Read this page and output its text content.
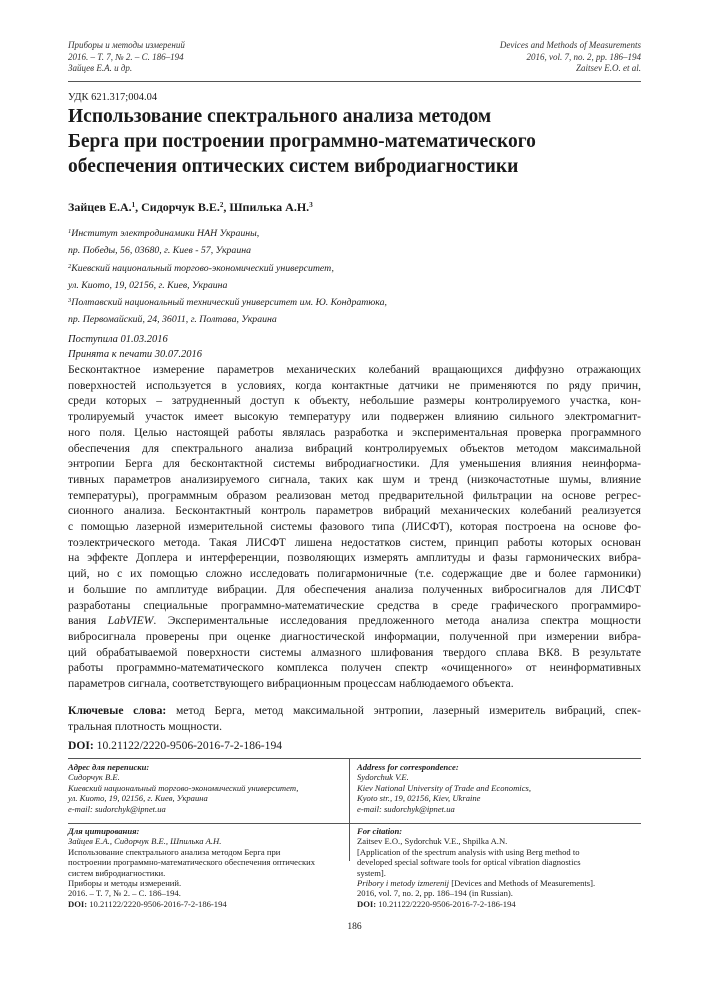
Приборы и методы измерений
2016. – Т. 7, № 2. – С. 186–194
Зайцев Е.А. и др.
Devices and Methods of Measurements
2016, vol. 7, no. 2, pp. 186–194
Zaitsev E.O. et al.
УДК 621.317;004.04
Использование спектрального анализа методом
Берга при построении программно-математического
обеспечения оптических систем вибродиагностики
Зайцев Е.А.$^1$, Сидорчук В.Е.$^2$, Шпилька А.Н.$^3$
$^1$Институт электродинамики НАН Украины,
пр. Победы, 56, 03680, г. Киев - 57, Украина
$^2$Киевский национальный торгово-экономический университет,
ул. Киото, 19, 02156, г. Киев, Украина
$^3$Полтавский национальный технический университет им. Ю. Кондратюка,
пр. Первомайский, 24, 36011, г. Полтава, Украина
Поступила 01.03.2016
Принята к печати 30.07.2016
Бесконтактное измерение параметров механических колебаний вращающихся диффузно отражающих
поверхностей используется в условиях, когда контактные датчики не применяются по ряду причин,
среди которых – затрудненный доступ к объекту, небольшие размеры контролируемого участка, кон-
тролируемый участок имеет высокую температуру или подвержен влиянию сильного электромагнит-
ного поля. Целью настоящей работы являлась разработка и экспериментальная проверка программного
обеспечения для спектрального анализа вибраций контролируемых объектов методом максимальной
энтропии Берга для бесконтактной системы вибродиагностики. Для уменьшения влияния неинформа-
тивных параметров анализируемого сигнала, таких как шум и тренд (низкочастотные шумы, влияние
температуры), программным образом реализован метод предварительной фильтрации на основе регрес-
сионного анализа. Бесконтактный контроль параметров вибраций механических колебаний реализуется
с помощью лазерной измерительной системы фазового типа (ЛИСФТ), которая построена на основе фо-
тоэлектрического метода. Такая ЛИСФТ лишена недостатков систем, принцип работы которых основан
на эффекте Доплера и интерференции, позволяющих измерять амплитуды и фазы гармонических вибра-
ций, но с их помощью сложно исследовать полигармоничные (т.е. содержащие две и более гармоники)
и большие по амплитуде вибрации. Для обеспечения анализа полученных вибросигналов для ЛИСФТ
разработаны специальные программно-математические средства в среде графического программиро-
вания LabVIEW. Экспериментальные исследования предложенного метода анализа спектра мощности
вибросигнала проверены при оценке диагностической информации, полученной при измерении вибра-
ций обрабатываемой поверхности системы алмазного шлифования твердого сплава ВК8. В результате
работы программно-математического комплекса получен спектр «очищенного» от неинформативных
параметров сигнала, соответствующего вибрационным процессам наблюдаемого объекта.
Ключевые слова: метод Берга, метод максимальной энтропии, лазерный измеритель вибраций, спек-
тральная плотность мощности.
DOI: 10.21122/2220-9506-2016-7-2-186-194
Адрес для переписки:
Сидорчук В.Е.
Киевский национальный торгово-экономический университет,
ул. Киото, 19, 02156, г. Киев, Украина
e-mail: sudorchyk@ipnet.ua
Address for correspondence:
Sydorchuk V.E.
Kiev National University of Trade and Economics,
Kyoto str., 19, 02156, Kiev, Ukraine
e-mail: sudorchyk@ipnet.ua
Для цитирования:
Зайцев Е.А., Сидорчук В.Е., Шпилька А.Н.
Использование спектрального анализа методом Берга при
построении программно-математического обеспечения оптических
систем вибродиагностики.
Приборы и методы измерений.
2016. – Т. 7, № 2. – С. 186–194.
DOI: 10.21122/2220-9506-2016-7-2-186-194
For citation:
Zaitsev E.O., Sydorchuk V.E., Shpilka A.N.
[Application of the spectrum analysis with using Berg method to
developed special software tools for optical vibration diagnostics
system].
Pribory i metody izmerenij [Devices and Methods of Measurements].
2016, vol. 7, no. 2, pp. 186–194 (in Russian).
DOI: 10.21122/2220-9506-2016-7-2-186-194
186
